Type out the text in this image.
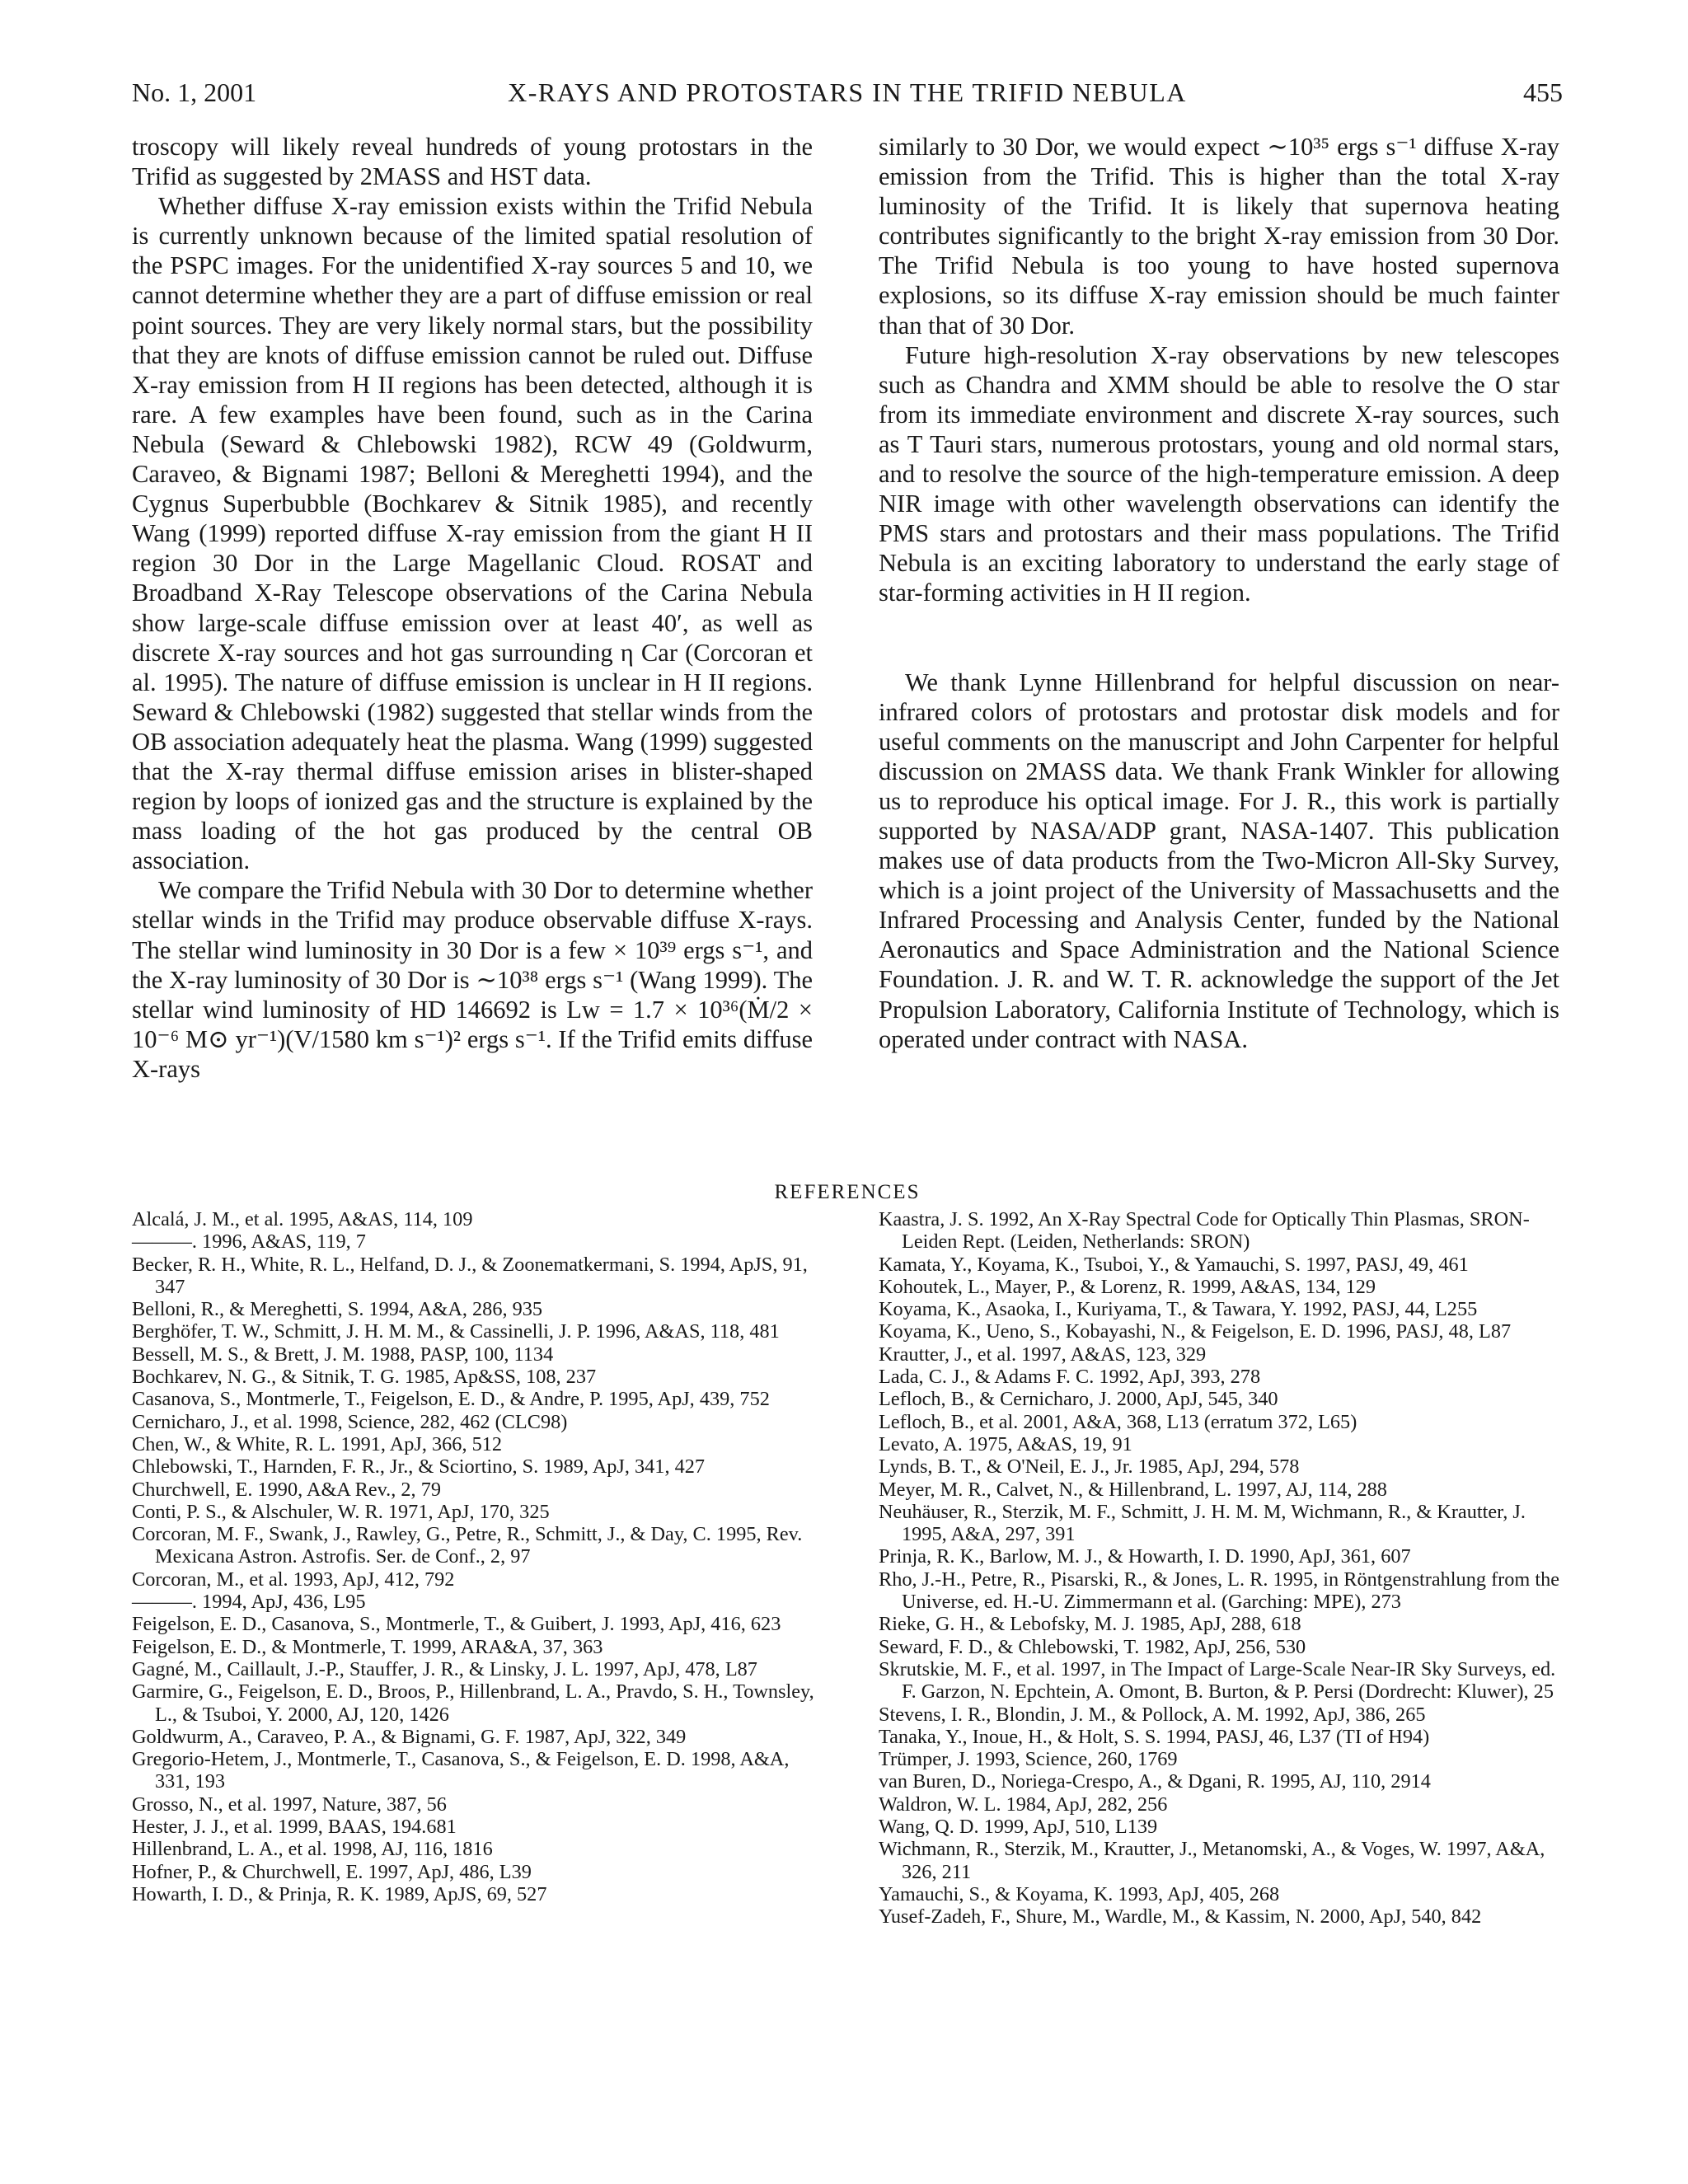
No. 1, 2001	X-RAYS AND PROTOSTARS IN THE TRIFID NEBULA	455

troscopy will likely reveal hundreds of young protostars in the Trifid as suggested by 2MASS and HST data.

Whether diffuse X-ray emission exists within the Trifid Nebula is currently unknown because of the limited spatial resolution of the PSPC images. For the unidentified X-ray sources 5 and 10, we cannot determine whether they are a part of diffuse emission or real point sources. They are very likely normal stars, but the possibility that they are knots of diffuse emission cannot be ruled out. Diffuse X-ray emission from H II regions has been detected, although it is rare. A few examples have been found, such as in the Carina Nebula (Seward & Chlebowski 1982), RCW 49 (Goldwurm, Caraveo, & Bignami 1987; Belloni & Mereghetti 1994), and the Cygnus Superbubble (Bochkarev & Sitnik 1985), and recently Wang (1999) reported diffuse X-ray emission from the giant H II region 30 Dor in the Large Magellanic Cloud. ROSAT and Broadband X-Ray Telescope observations of the Carina Nebula show large-scale diffuse emission over at least 40′, as well as discrete X-ray sources and hot gas surrounding η Car (Corcoran et al. 1995). The nature of diffuse emission is unclear in H II regions. Seward & Chlebowski (1982) suggested that stellar winds from the OB association adequately heat the plasma. Wang (1999) suggested that the X-ray thermal diffuse emission arises in blister-shaped region by loops of ionized gas and the structure is explained by the mass loading of the hot gas produced by the central OB association.

We compare the Trifid Nebula with 30 Dor to determine whether stellar winds in the Trifid may produce observable diffuse X-rays. The stellar wind luminosity in 30 Dor is a few × 10³⁹ ergs s⁻¹, and the X-ray luminosity of 30 Dor is ∼10³⁸ ergs s⁻¹ (Wang 1999). The stellar wind luminosity of HD 146692 is Lw = 1.7 × 10³⁶(Ṁ/2 × 10⁻⁶ M⊙ yr⁻¹)(V/1580 km s⁻¹)² ergs s⁻¹. If the Trifid emits diffuse X-rays

similarly to 30 Dor, we would expect ∼10³⁵ ergs s⁻¹ diffuse X-ray emission from the Trifid. This is higher than the total X-ray luminosity of the Trifid. It is likely that supernova heating contributes significantly to the bright X-ray emission from 30 Dor. The Trifid Nebula is too young to have hosted supernova explosions, so its diffuse X-ray emission should be much fainter than that of 30 Dor.

Future high-resolution X-ray observations by new telescopes such as Chandra and XMM should be able to resolve the O star from its immediate environment and discrete X-ray sources, such as T Tauri stars, numerous protostars, young and old normal stars, and to resolve the source of the high-temperature emission. A deep NIR image with other wavelength observations can identify the PMS stars and protostars and their mass populations. The Trifid Nebula is an exciting laboratory to understand the early stage of star-forming activities in H II region.

We thank Lynne Hillenbrand for helpful discussion on near-infrared colors of protostars and protostar disk models and for useful comments on the manuscript and John Carpenter for helpful discussion on 2MASS data. We thank Frank Winkler for allowing us to reproduce his optical image. For J. R., this work is partially supported by NASA/ADP grant, NASA-1407. This publication makes use of data products from the Two-Micron All-Sky Survey, which is a joint project of the University of Massachusetts and the Infrared Processing and Analysis Center, funded by the National Aeronautics and Space Administration and the National Science Foundation. J. R. and W. T. R. acknowledge the support of the Jet Propulsion Laboratory, California Institute of Technology, which is operated under contract with NASA.

REFERENCES
Alcalá, J. M., et al. 1995, A&AS, 114, 109
———. 1996, A&AS, 119, 7
Becker, R. H., White, R. L., Helfand, D. J., & Zoonematkermani, S. 1994, ApJS, 91, 347
Belloni, R., & Mereghetti, S. 1994, A&A, 286, 935
Berghöfer, T. W., Schmitt, J. H. M. M., & Cassinelli, J. P. 1996, A&AS, 118, 481
Bessell, M. S., & Brett, J. M. 1988, PASP, 100, 1134
Bochkarev, N. G., & Sitnik, T. G. 1985, Ap&SS, 108, 237
Casanova, S., Montmerle, T., Feigelson, E. D., & Andre, P. 1995, ApJ, 439, 752
Cernicharo, J., et al. 1998, Science, 282, 462 (CLC98)
Chen, W., & White, R. L. 1991, ApJ, 366, 512
Chlebowski, T., Harnden, F. R., Jr., & Sciortino, S. 1989, ApJ, 341, 427
Churchwell, E. 1990, A&A Rev., 2, 79
Conti, P. S., & Alschuler, W. R. 1971, ApJ, 170, 325
Corcoran, M. F., Swank, J., Rawley, G., Petre, R., Schmitt, J., & Day, C. 1995, Rev. Mexicana Astron. Astrofis. Ser. de Conf., 2, 97
Corcoran, M., et al. 1993, ApJ, 412, 792
———. 1994, ApJ, 436, L95
Feigelson, E. D., Casanova, S., Montmerle, T., & Guibert, J. 1993, ApJ, 416, 623
Feigelson, E. D., & Montmerle, T. 1999, ARA&A, 37, 363
Gagné, M., Caillault, J.-P., Stauffer, J. R., & Linsky, J. L. 1997, ApJ, 478, L87
Garmire, G., Feigelson, E. D., Broos, P., Hillenbrand, L. A., Pravdo, S. H., Townsley, L., & Tsuboi, Y. 2000, AJ, 120, 1426
Goldwurm, A., Caraveo, P. A., & Bignami, G. F. 1987, ApJ, 322, 349
Gregorio-Hetem, J., Montmerle, T., Casanova, S., & Feigelson, E. D. 1998, A&A, 331, 193
Grosso, N., et al. 1997, Nature, 387, 56
Hester, J. J., et al. 1999, BAAS, 194.681
Hillenbrand, L. A., et al. 1998, AJ, 116, 1816
Hofner, P., & Churchwell, E. 1997, ApJ, 486, L39
Howarth, I. D., & Prinja, R. K. 1989, ApJS, 69, 527
Kaastra, J. S. 1992, An X-Ray Spectral Code for Optically Thin Plasmas, SRON-Leiden Rept. (Leiden, Netherlands: SRON)
Kamata, Y., Koyama, K., Tsuboi, Y., & Yamauchi, S. 1997, PASJ, 49, 461
Kohoutek, L., Mayer, P., & Lorenz, R. 1999, A&AS, 134, 129
Koyama, K., Asaoka, I., Kuriyama, T., & Tawara, Y. 1992, PASJ, 44, L255
Koyama, K., Ueno, S., Kobayashi, N., & Feigelson, E. D. 1996, PASJ, 48, L87
Krautter, J., et al. 1997, A&AS, 123, 329
Lada, C. J., & Adams F. C. 1992, ApJ, 393, 278
Lefloch, B., & Cernicharo, J. 2000, ApJ, 545, 340
Lefloch, B., et al. 2001, A&A, 368, L13 (erratum 372, L65)
Levato, A. 1975, A&AS, 19, 91
Lynds, B. T., & O'Neil, E. J., Jr. 1985, ApJ, 294, 578
Meyer, M. R., Calvet, N., & Hillenbrand, L. 1997, AJ, 114, 288
Neuhäuser, R., Sterzik, M. F., Schmitt, J. H. M. M, Wichmann, R., & Krautter, J. 1995, A&A, 297, 391
Prinja, R. K., Barlow, M. J., & Howarth, I. D. 1990, ApJ, 361, 607
Rho, J.-H., Petre, R., Pisarski, R., & Jones, L. R. 1995, in Röntgenstrahlung from the Universe, ed. H.-U. Zimmermann et al. (Garching: MPE), 273
Rieke, G. H., & Lebofsky, M. J. 1985, ApJ, 288, 618
Seward, F. D., & Chlebowski, T. 1982, ApJ, 256, 530
Skrutskie, M. F., et al. 1997, in The Impact of Large-Scale Near-IR Sky Surveys, ed. F. Garzon, N. Epchtein, A. Omont, B. Burton, & P. Persi (Dordrecht: Kluwer), 25
Stevens, I. R., Blondin, J. M., & Pollock, A. M. 1992, ApJ, 386, 265
Tanaka, Y., Inoue, H., & Holt, S. S. 1994, PASJ, 46, L37 (TI of H94)
Trümper, J. 1993, Science, 260, 1769
van Buren, D., Noriega-Crespo, A., & Dgani, R. 1995, AJ, 110, 2914
Waldron, W. L. 1984, ApJ, 282, 256
Wang, Q. D. 1999, ApJ, 510, L139
Wichmann, R., Sterzik, M., Krautter, J., Metanomski, A., & Voges, W. 1997, A&A, 326, 211
Yamauchi, S., & Koyama, K. 1993, ApJ, 405, 268
Yusef-Zadeh, F., Shure, M., Wardle, M., & Kassim, N. 2000, ApJ, 540, 842
